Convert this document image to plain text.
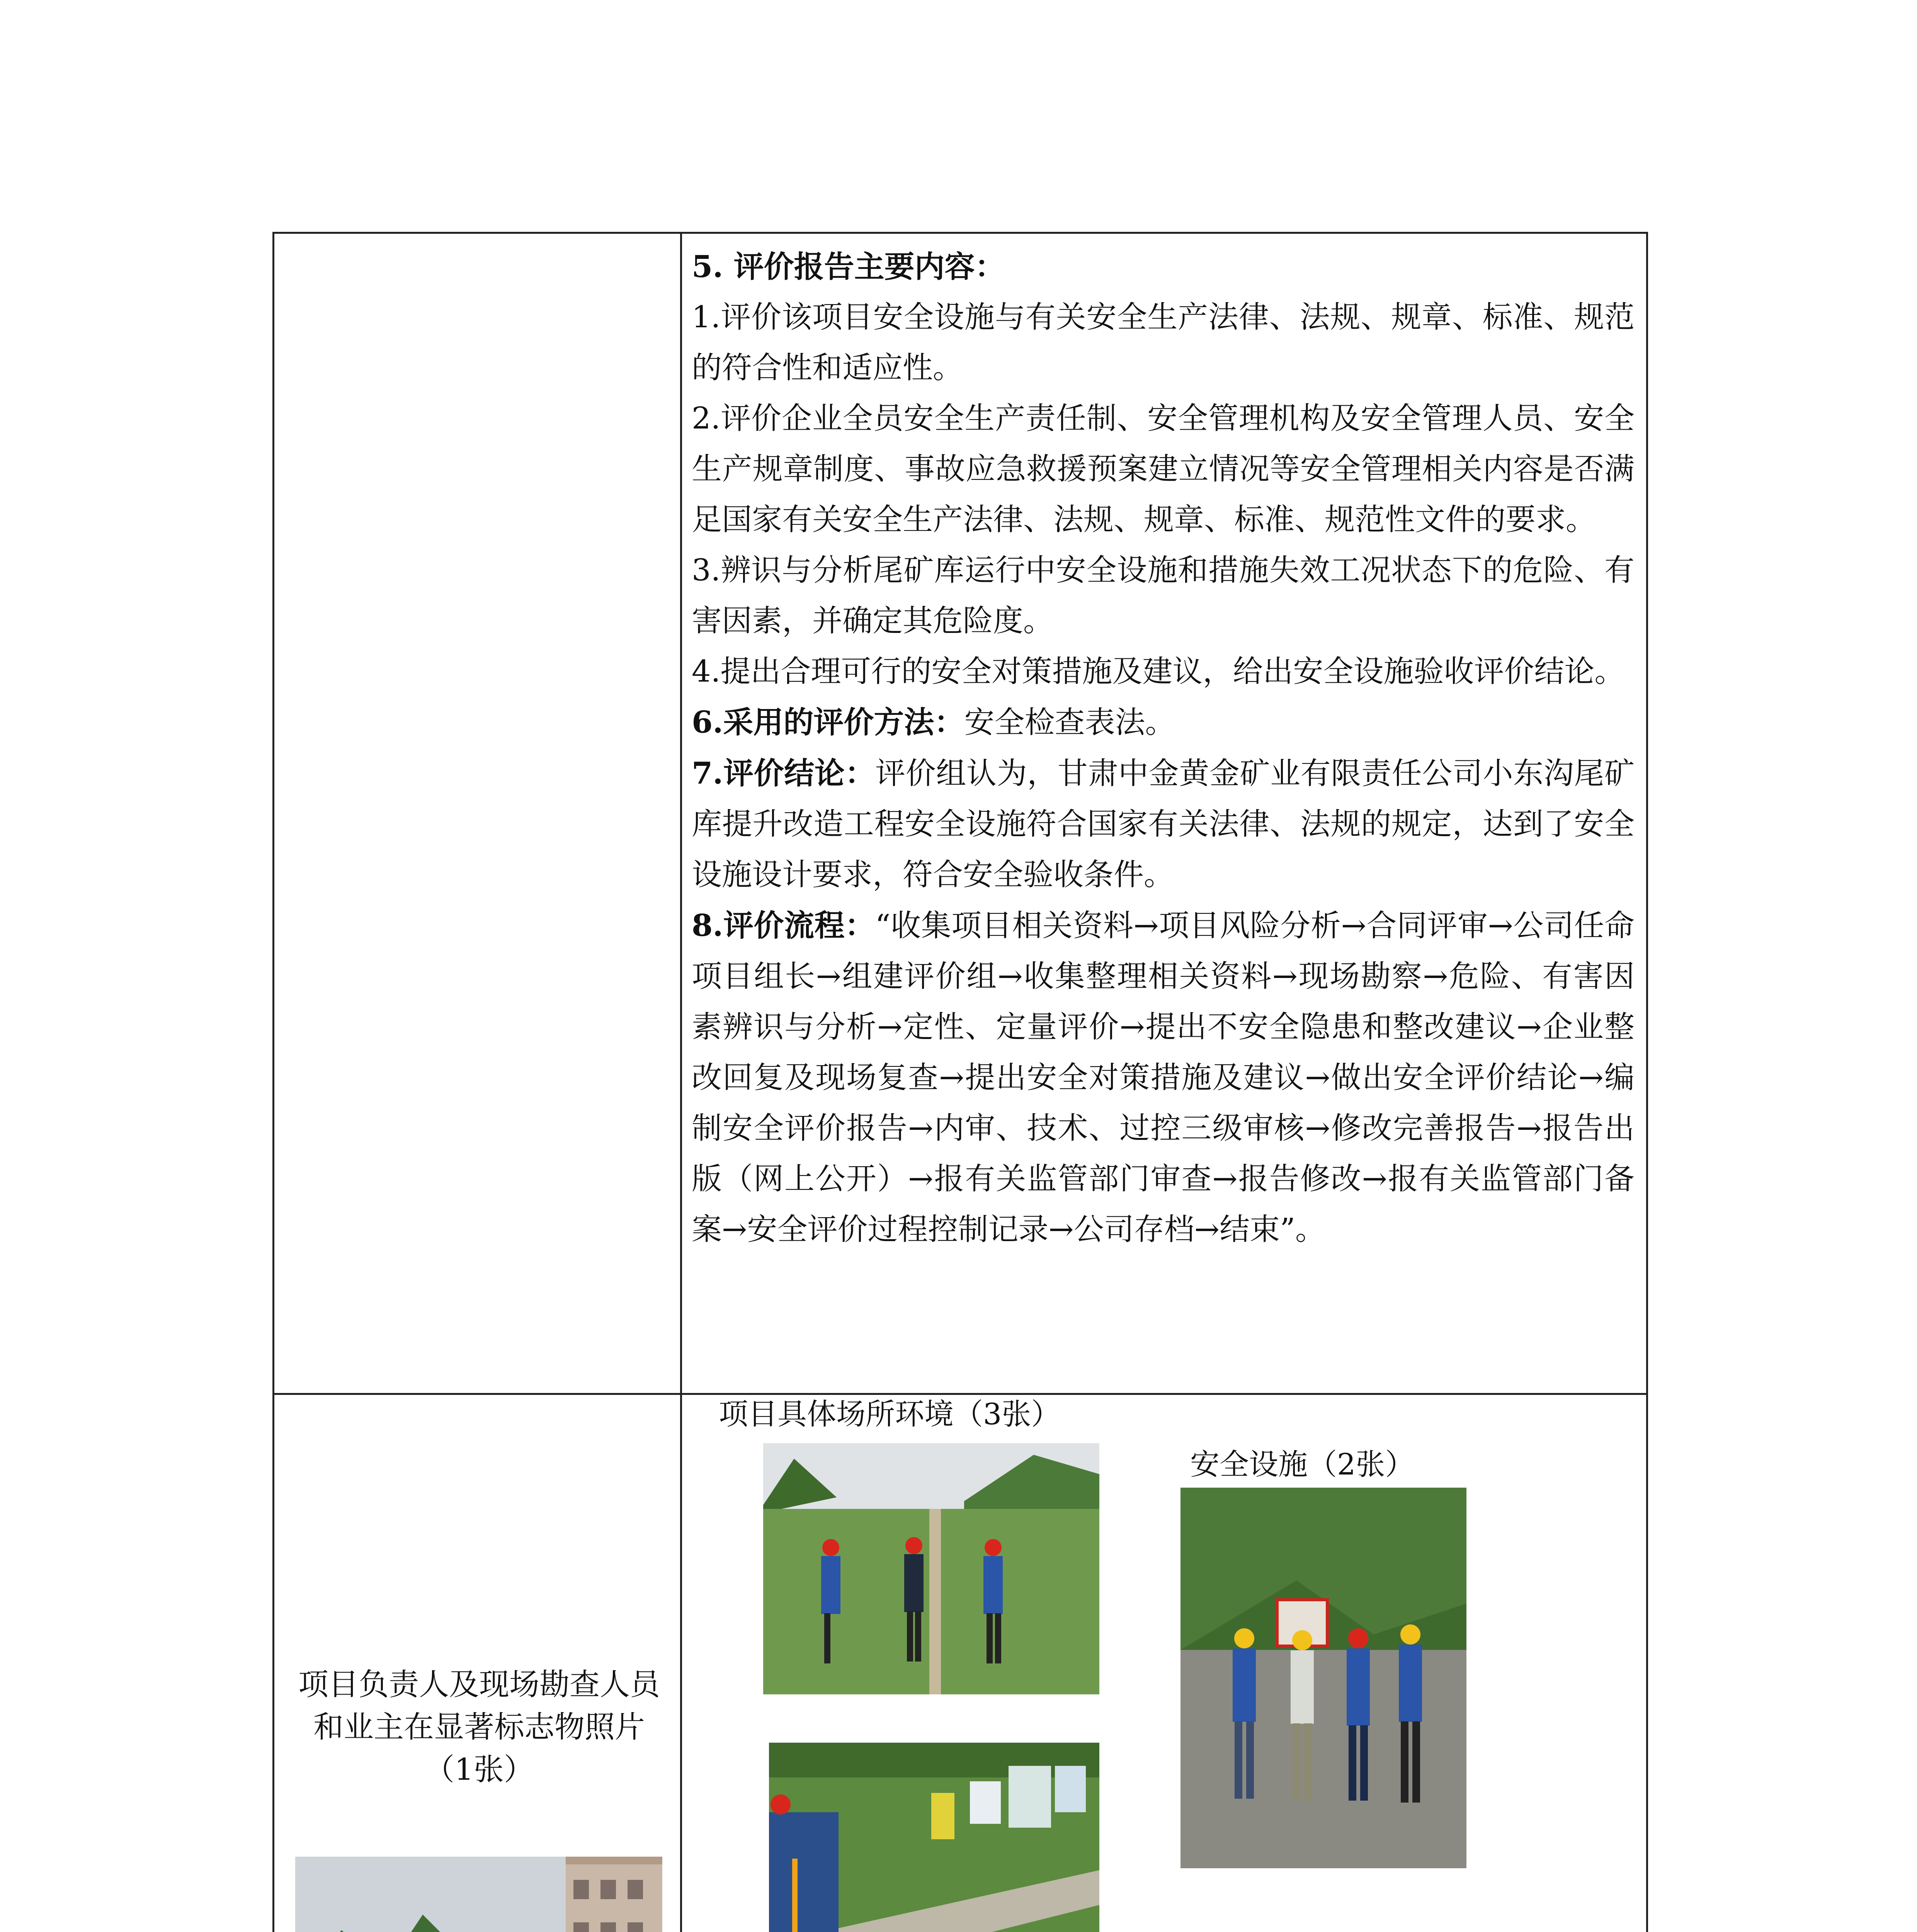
5. 评价报告主要内容：

1.评价该项目安全设施与有关安全生产法律、法规、规章、标准、规范的符合性和适应性。

2.评价企业全员安全生产责任制、安全管理机构及安全管理人员、安全生产规章制度、事故应急救援预案建立情况等安全管理相关内容是否满足国家有关安全生产法律、法规、规章、标准、规范性文件的要求。

3.辨识与分析尾矿库运行中安全设施和措施失效工况状态下的危险、有害因素，并确定其危险度。

4.提出合理可行的安全对策措施及建议，给出安全设施验收评价结论。

6.采用的评价方法：安全检查表法。

7.评价结论：评价组认为，甘肃中金黄金矿业有限责任公司小东沟尾矿库提升改造工程安全设施符合国家有关法律、法规的规定，达到了安全设施设计要求，符合安全验收条件。

8.评价流程：“收集项目相关资料→项目风险分析→合同评审→公司任命项目组长→组建评价组→收集整理相关资料→现场勘察→危险、有害因素辨识与分析→定性、定量评价→提出不安全隐患和整改建议→企业整改回复及现场复查→提出安全对策措施及建议→做出安全评价结论→编制安全评价报告→内审、技术、过控三级审核→修改完善报告→报告出版（网上公开）→报有关监管部门审查→报告修改→报有关监管部门备案→安全评价过程控制记录→公司存档→结束”。

项目负责人及现场勘查人员和业主在显著标志物照片（1张）
项目具体场所环境（3张）
安全设施（2张）
